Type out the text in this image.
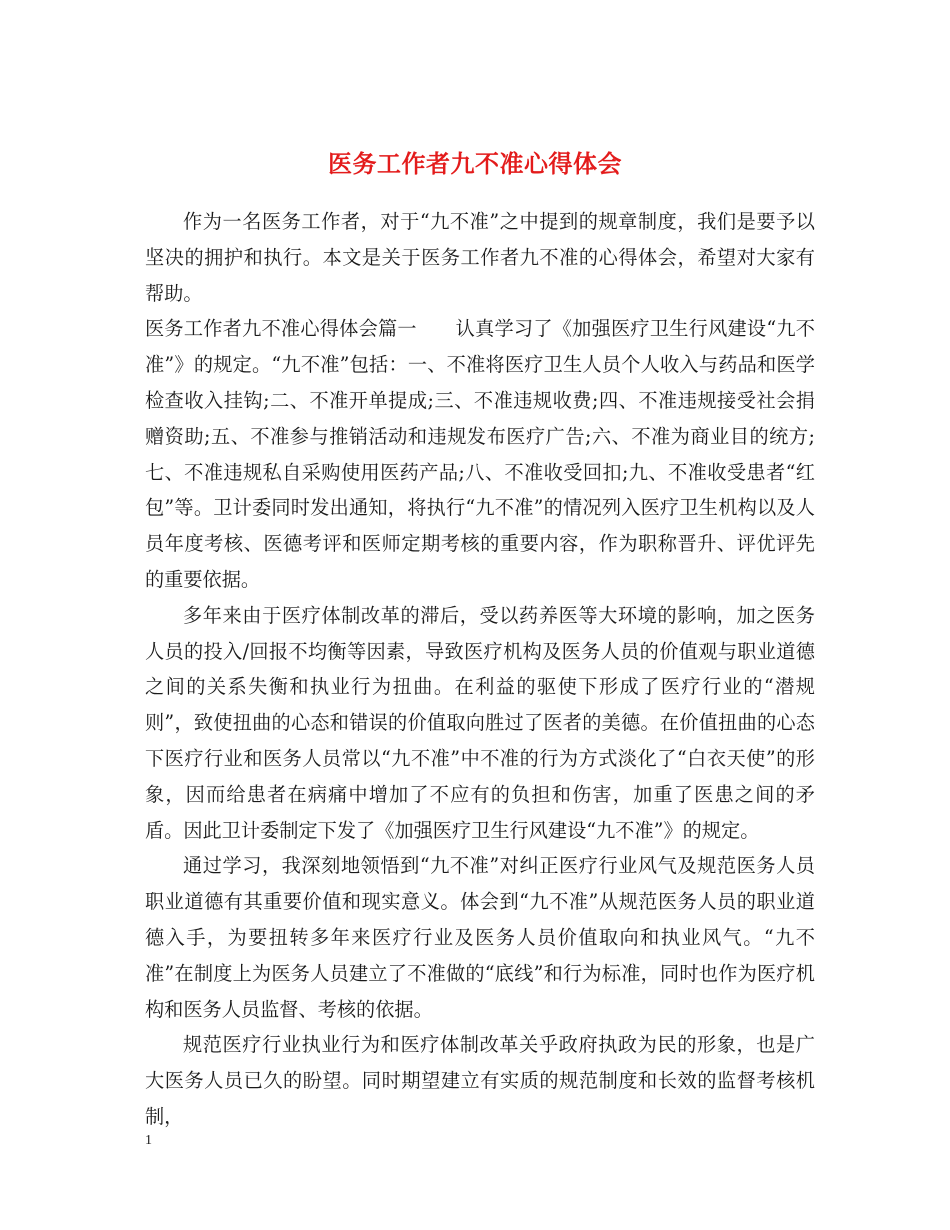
医务工作者九不准心得体会

作为一名医务工作者，对于“九不准”之中提到的规章制度，我们是要予以坚决的拥护和执行。本文是关于医务工作者九不准的心得体会，希望对大家有帮助。

医务工作者九不准心得体会篇一　　认真学习了《加强医疗卫生行风建设“九不准”》的规定。“九不准”包括：一、不准将医疗卫生人员个人收入与药品和医学检查收入挂钩;二、不准开单提成;三、不准违规收费;四、不准违规接受社会捐赠资助;五、不准参与推销活动和违规发布医疗广告;六、不准为商业目的统方;七、不准违规私自采购使用医药产品;八、不准收受回扣;九、不准收受患者“红包”等。卫计委同时发出通知，将执行“九不准”的情况列入医疗卫生机构以及人员年度考核、医德考评和医师定期考核的重要内容，作为职称晋升、评优评先的重要依据。

多年来由于医疗体制改革的滞后，受以药养医等大环境的影响，加之医务人员的投入/回报不均衡等因素，导致医疗机构及医务人员的价值观与职业道德之间的关系失衡和执业行为扭曲。在利益的驱使下形成了医疗行业的“潜规则”，致使扭曲的心态和错误的价值取向胜过了医者的美德。在价值扭曲的心态下医疗行业和医务人员常以“九不准”中不准的行为方式淡化了“白衣天使”的形象，因而给患者在病痛中增加了不应有的负担和伤害，加重了医患之间的矛盾。因此卫计委制定下发了《加强医疗卫生行风建设“九不准”》的规定。

通过学习，我深刻地领悟到“九不准”对纠正医疗行业风气及规范医务人员职业道德有其重要价值和现实意义。体会到“九不准”从规范医务人员的职业道德入手，为要扭转多年来医疗行业及医务人员价值取向和执业风气。“九不准”在制度上为医务人员建立了不准做的“底线”和行为标准，同时也作为医疗机构和医务人员监督、考核的依据。

规范医疗行业执业行为和医疗体制改革关乎政府执政为民的形象，也是广大医务人员已久的盼望。同时期望建立有实质的规范制度和长效的监督考核机制，

1
